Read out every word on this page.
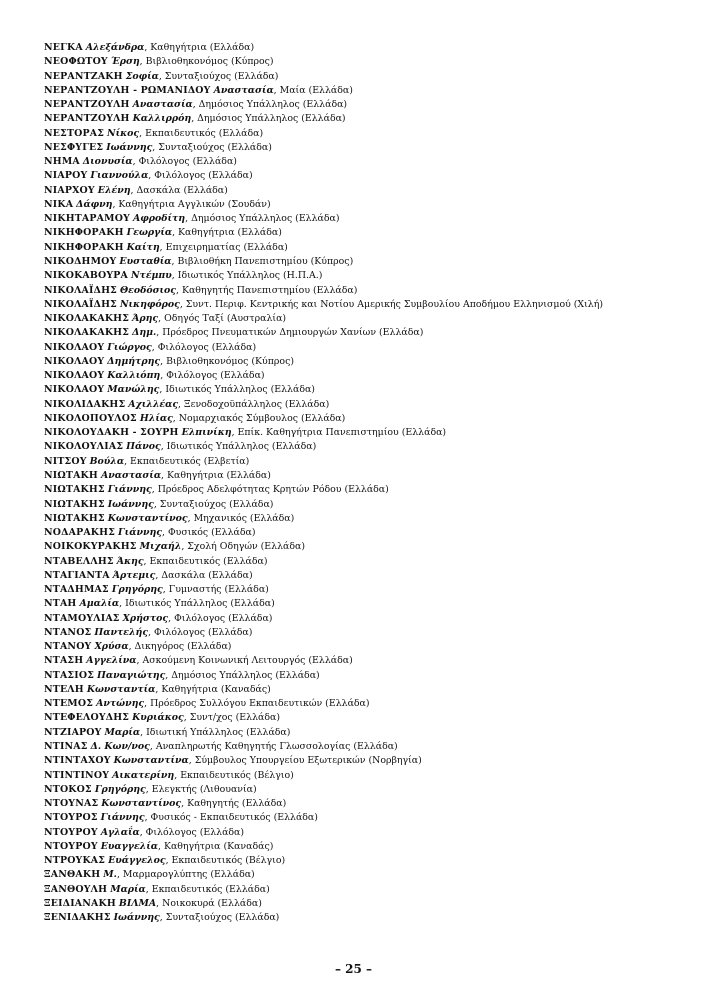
ΝΕΓΚΑ Αλεξάνδρα, Καθηγήτρια (Ελλάδα)
ΝΕΟΦΩΤΟΥ Έρση, Βιβλιοθηκονόμος (Κύπρος)
ΝΕΡΑΝΤΖΑΚΗ Σοφία, Συνταξιούχος (Ελλάδα)
ΝΕΡΑΝΤΖΟΥΛΗ - ΡΩΜΑΝΙΔΟΥ Αναστασία, Μαία (Ελλάδα)
ΝΕΡΑΝΤΖΟΥΛΗ Αναστασία, Δημόσιος Υπάλληλος (Ελλάδα)
ΝΕΡΑΝΤΖΟΥΛΗ Καλλιρρόη, Δημόσιος Υπάλληλος (Ελλάδα)
ΝΕΣΤΟΡΑΣ Νίκος, Εκπαιδευτικός (Ελλάδα)
ΝΕΣΦΥΓΕΣ Ιωάννης, Συνταξιούχος (Ελλάδα)
ΝΗΜΑ Διονυσία, Φιλόλογος (Ελλάδα)
ΝΙΑΡΟΥ Γιαννούλα, Φιλόλογος (Ελλάδα)
ΝΙΑΡΧΟΥ Ελένη, Δασκάλα (Ελλάδα)
ΝΙΚΑ Δάφνη, Καθηγήτρια Αγγλικών (Σουδάν)
ΝΙΚΗΤΑΡΑΜΟΥ Αφροδίτη, Δημόσιος Υπάλληλος (Ελλάδα)
ΝΙΚΗΦΟΡΑΚΗ Γεωργία, Καθηγήτρια (Ελλάδα)
ΝΙΚΗΦΟΡΑΚΗ Καίτη, Επιχειρηματίας (Ελλάδα)
ΝΙΚΟΔΗΜΟΥ Ευσταθία, Βιβλιοθήκη Πανεπιστημίου (Κύπρος)
ΝΙΚΟΚΑΒΟΥΡΑ Ντέμπυ, Ιδιωτικός Υπάλληλος (Η.Π.Α.)
ΝΙΚΟΛΑΪΔΗΣ Θεοδόσιος, Καθηγητής Πανεπιστημίου (Ελλάδα)
ΝΙΚΟΛΑΪΔΗΣ Νικηφόρος, Συντ. Περιφ. Κεντρικής και Νοτίου Αμερικής Συμβουλίου Αποδήμου Ελληνισμού (Χιλή)
ΝΙΚΟΛΑΚΑΚΗΣ Άρης, Οδηγός Ταξί (Αυστραλία)
ΝΙΚΟΛΑΚΑΚΗΣ Δημ., Πρόεδρος Πνευματικών Δημιουργών Χανίων (Ελλάδα)
ΝΙΚΟΛΑΟΥ Γιώργος, Φιλόλογος (Ελλάδα)
ΝΙΚΟΛΑΟΥ Δημήτρης, Βιβλιοθηκονόμος (Κύπρος)
ΝΙΚΟΛΑΟΥ Καλλιόπη, Φιλόλογος (Ελλάδα)
ΝΙΚΟΛΑΟΥ Μανώλης, Ιδιωτικός Υπάλληλος (Ελλάδα)
ΝΙΚΟΛΙΔΑΚΗΣ Αχιλλέας, Ξενοδοχοϋπάλληλος (Ελλάδα)
ΝΙΚΟΛΟΠΟΥΛΟΣ Ηλίας, Νομαρχιακός Σύμβουλος (Ελλάδα)
ΝΙΚΟΛΟΥΔΑΚΗ - ΣΟΥΡΗ Ελπινίκη, Επίκ. Καθηγήτρια Πανεπιστημίου (Ελλάδα)
ΝΙΚΟΛΟΥΛΙΑΣ Πάνος, Ιδιωτικός Υπάλληλος (Ελλάδα)
ΝΙΤΣΟΥ Βούλα, Εκπαιδευτικός (Ελβετία)
ΝΙΩΤΑΚΗ Αναστασία, Καθηγήτρια (Ελλάδα)
ΝΙΩΤΑΚΗΣ Γιάννης, Πρόεδρος Αδελφότητας Κρητών Ρόδου (Ελλάδα)
ΝΙΩΤΑΚΗΣ Ιωάννης, Συνταξιούχος (Ελλάδα)
ΝΙΩΤΑΚΗΣ Κωνσταντίνος, Μηχανικός (Ελλάδα)
ΝΟΔΑΡΑΚΗΣ Γιάννης, Φυσικός (Ελλάδα)
ΝΟΙΚΟΚΥΡΑΚΗΣ Μιχαήλ, Σχολή Οδηγών (Ελλάδα)
ΝΤΑΒΕΛΛΗΣ Άκης, Εκπαιδευτικός (Ελλάδα)
ΝΤΑΓΙΑΝΤΑ Άρτεμις, Δασκάλα (Ελλάδα)
ΝΤΑΔΗΜΑΣ Γρηγόρης, Γυμναστής (Ελλάδα)
ΝΤΑΗ Αμαλία, Ιδιωτικός Υπάλληλος (Ελλάδα)
ΝΤΑΜΟΥΛΙΑΣ Χρήστος, Φιλόλογος (Ελλάδα)
ΝΤΑΝΟΣ Παντελής, Φιλόλογος (Ελλάδα)
ΝΤΑΝΟΥ Χρύσα, Δικηγόρος (Ελλάδα)
ΝΤΑΣΗ Αγγελίνα, Ασκούμενη Κοινωνική Λειτουργός (Ελλάδα)
ΝΤΑΣΙΟΣ Παναγιώτης, Δημόσιος Υπάλληλος (Ελλάδα)
ΝΤΕΛΗ Κωνσταντία, Καθηγήτρια (Καναδάς)
ΝΤΕΜΟΣ Αντώνης, Πρόεδρος Συλλόγου Εκπαιδευτικών (Ελλάδα)
ΝΤΕΦΕΛΟΥΔΗΣ Κυριάκος, Συντ/χος (Ελλάδα)
ΝΤΖΙΑΡΟΥ Μαρία, Ιδιωτική Υπάλληλος (Ελλάδα)
ΝΤΙΝΑΣ Δ. Κων/νος, Αναπληρωτής Καθηγητής Γλωσσολογίας (Ελλάδα)
ΝΤΙΝΤΑΧΟΥ Κωνσταντίνα, Σύμβουλος Υπουργείου Εξωτερικών (Νορβηγία)
ΝΤΙΝΤΙΝΟΥ Αικατερίνη, Εκπαιδευτικός (Βέλγιο)
ΝΤΟΚΟΣ Γρηγόρης, Ελεγκτής (Λιθουανία)
ΝΤΟΥΝΑΣ Κωνσταντίνος, Καθηγητής (Ελλάδα)
ΝΤΟΥΡΟΣ Γιάννης, Φυσικός - Εκπαιδευτικός (Ελλάδα)
ΝΤΟΥΡΟΥ Αγλαΐα, Φιλόλογος (Ελλάδα)
ΝΤΟΥΡΟΥ Ευαγγελία, Καθηγήτρια (Καναδάς)
ΝΤΡΟΥΚΑΣ Ευάγγελος, Εκπαιδευτικός (Βέλγιο)
ΞΑΝΘΑΚΗ Μ., Μαρμαρογλύπτης (Ελλάδα)
ΞΑΝΘΟΥΛΗ Μαρία, Εκπαιδευτικός (Ελλάδα)
ΞΕΙΔΙΑΝΑΚΗ ΒΙΛΜΑ, Νοικοκυρά (Ελλάδα)
ΞΕΝΙΔΑΚΗΣ Ιωάννης, Συνταξιούχος (Ελλάδα)
– 25 –
